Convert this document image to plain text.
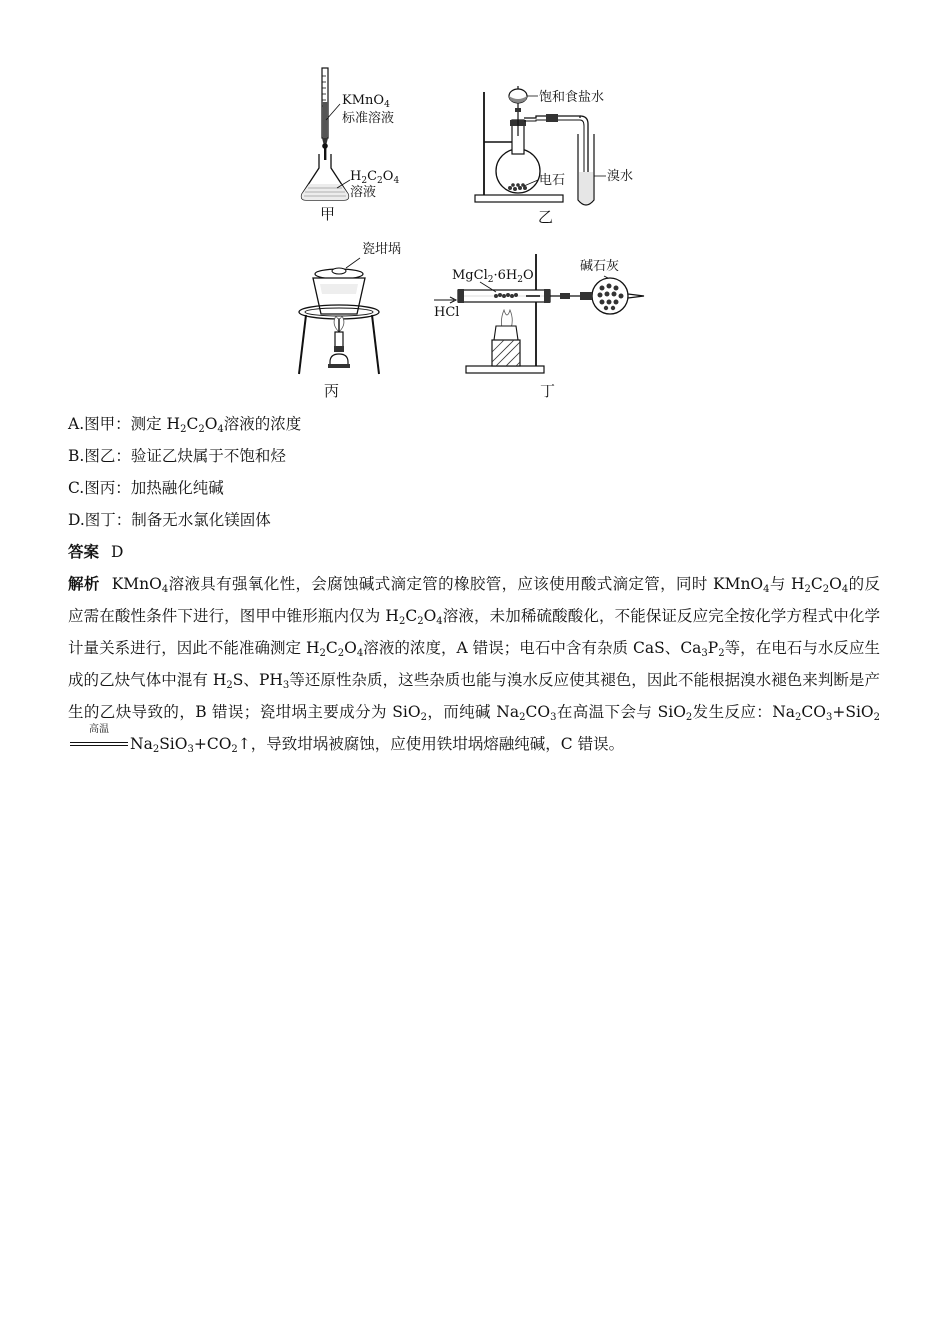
KMnO$_4$
标准溶液
$H_2C_2O_4$
溶液
甲
饱和食盐水
电石	溴水
乙
瓷坩埚
丙
$MgCl_2\cdot 6H_2O$
HCl
碱石灰
丁
A.图甲：测定 $H_2C_2O_4$溶液的浓度
B.图乙：验证乙炔属于不饱和烃
C.图丙：加热融化纯碱
D.图丁：制备无水氯化镁固体
答案 D
解析 KMnO$_4$溶液具有强氧化性，会腐蚀碱式滴定管的橡胶管，应该使用酸式滴定管，同时 KMnO$_4$与 $H_2C_2O_4$的反应需在酸性条件下进行，图甲中锥形瓶内仅为 $H_2C_2O_4$溶液，未加稀硫酸酸化，不能保证反应完全按化学方程式中化学计量关系进行，因此不能准确测定 $H_2C_2O_4$溶液的浓度，A 错误；电石中含有杂质 CaS、$Ca_3P_2$等，在电石与水反应生成的乙炔气体中混有 $H_2S$、$PH_3$等还原性杂质，这些杂质也能与溴水反应使其褪色，因此不能根据溴水褪色来判断是产生的乙炔导致的，B 错误；瓷坩埚主要成分为 SiO$_2$，而纯碱 $Na_2CO_3$在高温下会与 SiO$_2$发生反应：$Na_2CO_3+SiO_2$
高温
$Na_2SiO_3+CO_2↑$，导致坩埚被腐蚀，应使用铁坩埚熔融纯碱，C 错误。
